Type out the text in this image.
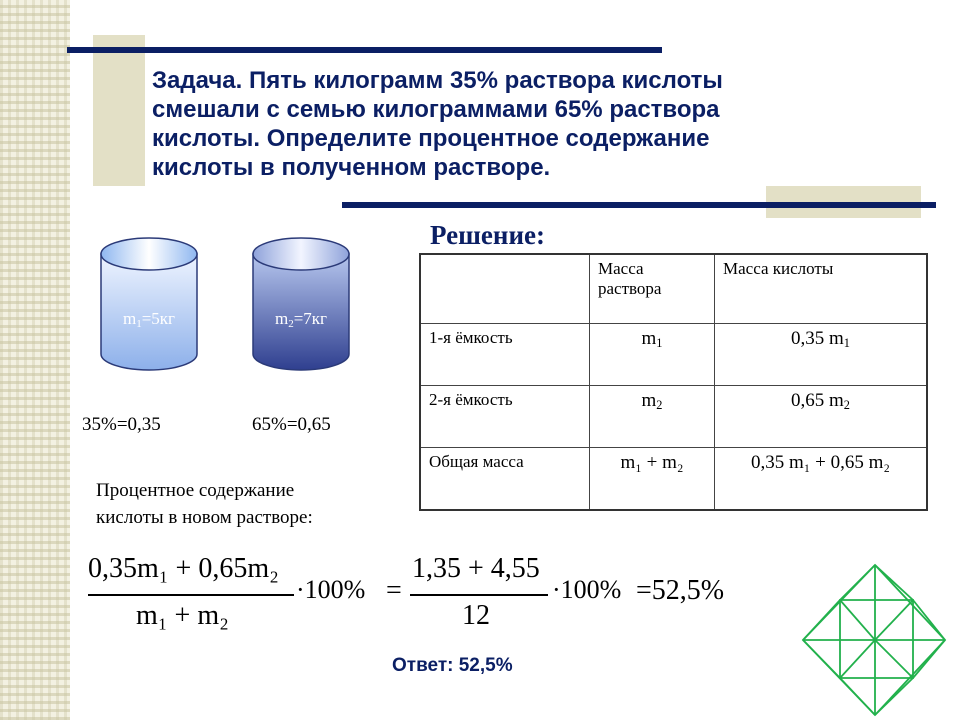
Задача. Пять килограмм 35% раствора кислоты
смешали с семью килограммами 65% раствора
кислоты. Определите процентное содержание
кислоты в полученном растворе.

Решение:

m1=5кг	m2=7кг

35%=0,35	65%=0,65

	Масса раствора	Масса кислоты
1-я ёмкость	$m_1$	0,35 $m_1$
2-я ёмкость	$m_2$	0,65 $m_2$
Общая масса	m₁ + m₂	0,35 m₁ + 0,65 m₂
Процентное содержание
кислоты в новом растворе:
0,35m₁ + 0,65m₂
m₁ + m₂
·100% =
1,35 + 4,55
12
·100% =52,5%

Ответ: 52,5%
